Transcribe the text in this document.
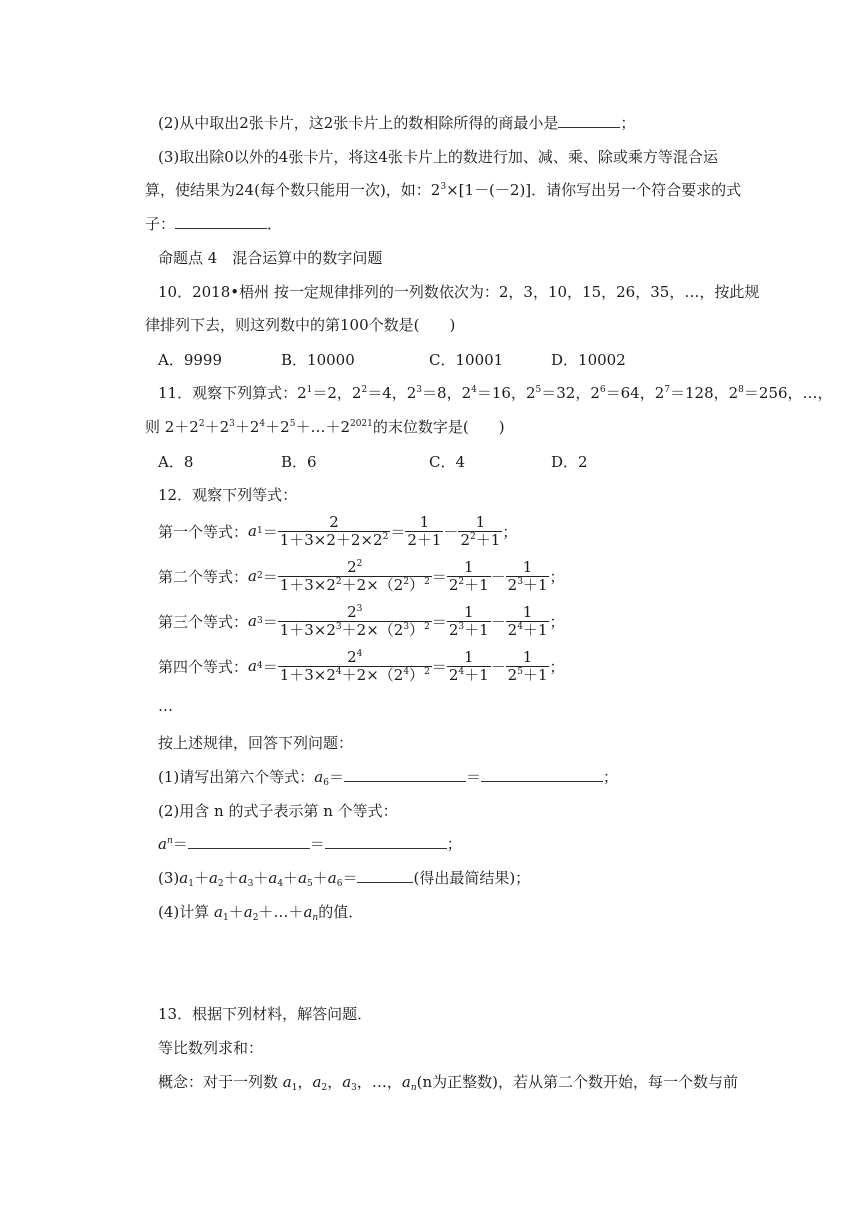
(2)从中取出2张卡片，这2张卡片上的数相除所得的商最小是	；
(3)取出除0以外的4张卡片，将这4张卡片上的数进行加、减、乘、除或乘方等混合运
算，使结果为24(每个数只能用一次)，如：$2^3\times[1-(-2)]$．请你写出另一个符合要求的式
子：	．
命题点 4　混合运算中的数字问题
10．2018•梧州 按一定规律排列的一列数依次为：2，3，10，15，26，35，…，按此规
律排列下去，则这列数中的第100个数是(　　)
A．9999	B．10000	C．10001	D．10002
11．观察下列算式：$2^1=2$，$2^2=4$，$2^3=8$，$2^4=16$，$2^5=32$，$2^6=64$，$2^7=128$，$2^8=256$，…，
则 $2+2^2+2^3+2^4+2^5+\dots+2^{2021}$的末位数字是(　　)
A．8	B．6	C．4	D．2
12．观察下列等式：
第一个等式： a $1 = \frac{2}{1+3\times 2+2\times 2^2} = \frac{1}{2+1} - \frac{1}{2^2+1}$ ；
第二个等式： a $2 = \frac{2^2}{1+3\times 2^2+2\times(2^2)^2} = \frac{1}{2^2+1} - \frac{1}{2^3+1}$ ；
第三个等式： a $3 = \frac{2^3}{1+3\times 2^3+2\times(2^3)^2} = \frac{1}{2^3+1} - \frac{1}{2^4+1}$ ；
第四个等式： a $4 = \frac{2^4}{1+3\times 2^4+2\times(2^4)^2} = \frac{1}{2^4+1} - \frac{1}{2^5+1}$ ；
…
按上述规律，回答下列问题：
(1)请写出第六个等式：$a_6=$	＝	；
(2)用含 n 的式子表示第 n 个等式：
$a^n=$	＝	；
$(3)a_1+a_2+a_3+a_4+a_5+a_6=$	(得出最简结果)；
(4)计算 $a_1+a_2+\dots+a_n$的值．
13．根据下列材料，解答问题．
等比数列求和：
概念：对于一列数 $a_1$，$a_2$，$a_3$，…，$a_n(n$为正整数)，若从第二个数开始，每一个数与前
